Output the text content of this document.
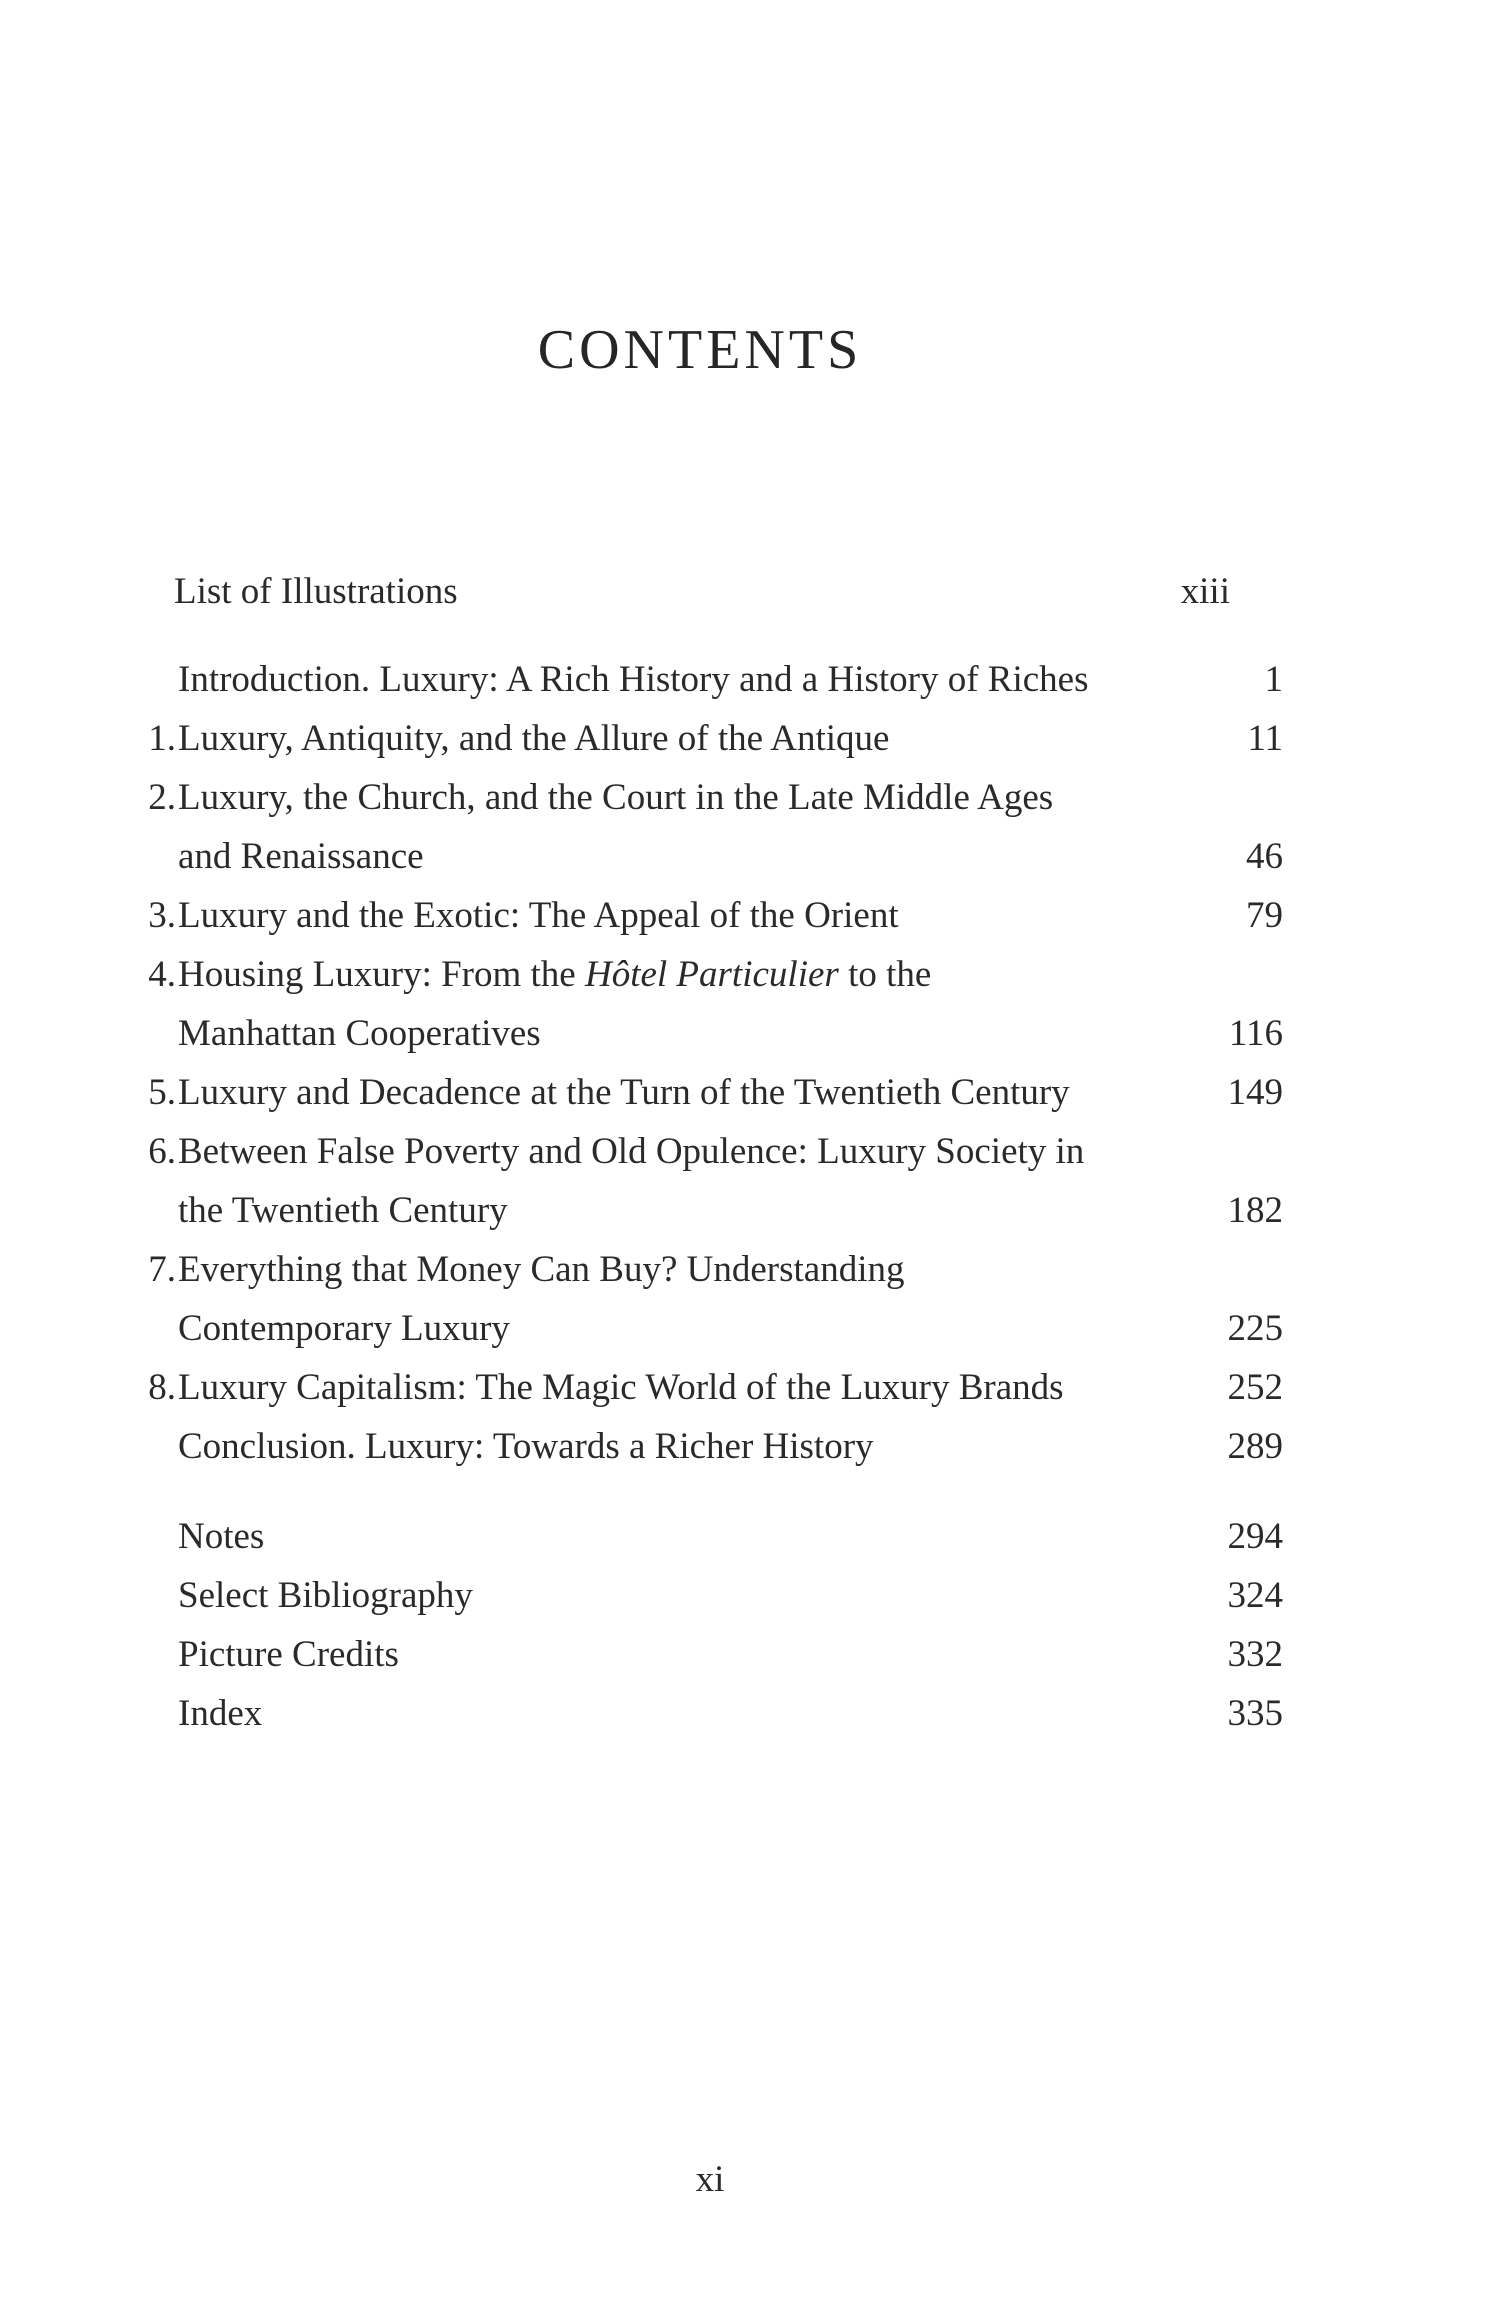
CONTENTS
List of Illustrations	xiii
Introduction. Luxury: A Rich History and a History of Riches	1
1. Luxury, Antiquity, and the Allure of the Antique	11
2. Luxury, the Church, and the Court in the Late Middle Ages
and Renaissance	46
3. Luxury and the Exotic: The Appeal of the Orient	79
4. Housing Luxury: From the Hôtel Particulier to the
Manhattan Cooperatives	116
5. Luxury and Decadence at the Turn of the Twentieth Century	149
6. Between False Poverty and Old Opulence: Luxury Society in
the Twentieth Century	182
7. Everything that Money Can Buy? Understanding
Contemporary Luxury	225
8. Luxury Capitalism: The Magic World of the Luxury Brands	252
Conclusion. Luxury: Towards a Richer History	289
Notes	294
Select Bibliography	324
Picture Credits	332
Index	335
xi
